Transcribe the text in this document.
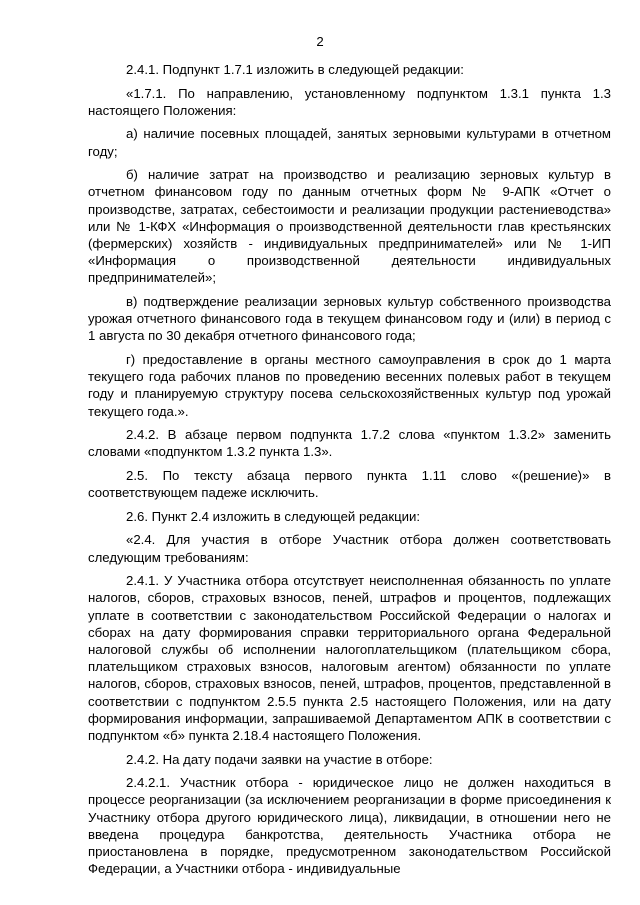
2

2.4.1. Подпункт 1.7.1 изложить в следующей редакции:

«1.7.1. По направлению, установленному подпунктом 1.3.1 пункта 1.3 настоящего Положения:

а) наличие посевных площадей, занятых зерновыми культурами в отчетном году;

б) наличие затрат на производство и реализацию зерновых культур в отчетном финансовом году по данным отчетных форм № 9-АПК «Отчет о производстве, затратах, себестоимости и реализации продукции растениеводства» или № 1-КФХ «Информация о производственной деятельности глав крестьянских (фермерских) хозяйств - индивидуальных предпринимателей» или № 1-ИП «Информация о производственной деятельности индивидуальных предпринимателей»;

в) подтверждение реализации зерновых культур собственного производства урожая отчетного финансового года в текущем финансовом году и (или) в период с 1 августа по 30 декабря отчетного финансового года;

г) предоставление в органы местного самоуправления в срок до 1 марта текущего года рабочих планов по проведению весенних полевых работ в текущем году и планируемую структуру посева сельскохозяйственных культур под урожай текущего года.».

2.4.2. В абзаце первом подпункта 1.7.2 слова «пунктом 1.3.2» заменить словами «подпунктом 1.3.2 пункта 1.3».

2.5. По тексту абзаца первого пункта 1.11 слово «(решение)» в соответствующем падеже исключить.

2.6. Пункт 2.4 изложить в следующей редакции:

«2.4. Для участия в отборе Участник отбора должен соответствовать следующим требованиям:

2.4.1. У Участника отбора отсутствует неисполненная обязанность по уплате налогов, сборов, страховых взносов, пеней, штрафов и процентов, подлежащих уплате в соответствии с законодательством Российской Федерации о налогах и сборах на дату формирования справки территориального органа Федеральной налоговой службы об исполнении налогоплательщиком (плательщиком сбора, плательщиком страховых взносов, налоговым агентом) обязанности по уплате налогов, сборов, страховых взносов, пеней, штрафов, процентов, представленной в соответствии с подпунктом 2.5.5 пункта 2.5 настоящего Положения, или на дату формирования информации, запрашиваемой Департаментом АПК в соответствии с подпунктом «б» пункта 2.18.4 настоящего Положения.

2.4.2. На дату подачи заявки на участие в отборе:

2.4.2.1. Участник отбора - юридическое лицо не должен находиться в процессе реорганизации (за исключением реорганизации в форме присоединения к Участнику отбора другого юридического лица), ликвидации, в отношении него не введена процедура банкротства, деятельность Участника отбора не приостановлена в порядке, предусмотренном законодательством Российской Федерации, а Участники отбора - индивидуальные
